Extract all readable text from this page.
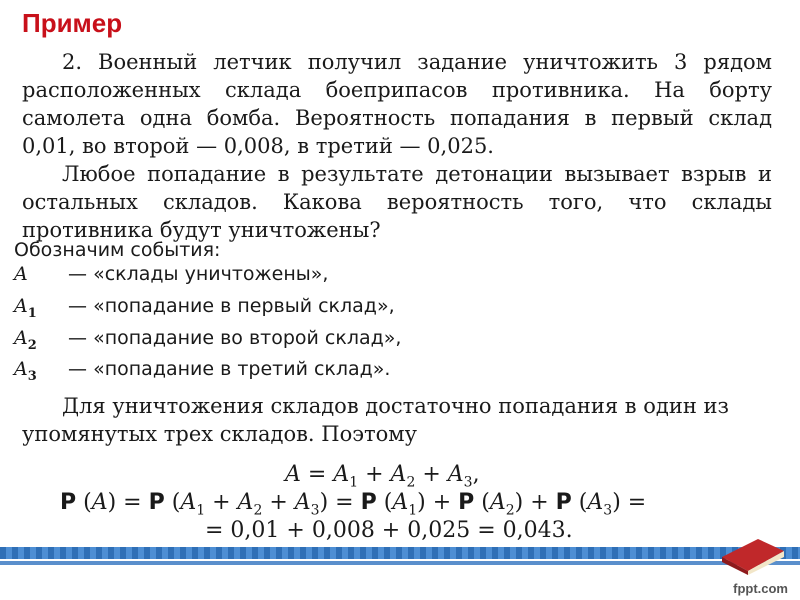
Пример

2. Военный летчик получил задание уничтожить 3 рядом расположенных склада боеприпасов противника. На борту самолета одна бомба. Вероятность попадания в первый склад 0,01, во второй — 0,008, в третий — 0,025.

Любое попадание в результате детонации вызывает взрыв и остальных складов. Какова вероятность того, что склады противника будут уничтожены?

Обозначим события:
A — «склады уничтожены»,
$A_1$ — «попадание в первый склад»,
$A_2$ — «попадание во второй склад»,
$A_3$ — «попадание в третий склад».

Для уничтожения складов достаточно попадания в один из упомянутых трех складов. Поэтому

$A = A_1 + A_2 + A_3$,
P (A) = P $(A_1 + A_2 + A_3) = P$ $(A_1) + P$ $(A_2) + P$ $(A_3)$ =
= 0,01 + 0,008 + 0,025 = 0,043.
fppt.com
